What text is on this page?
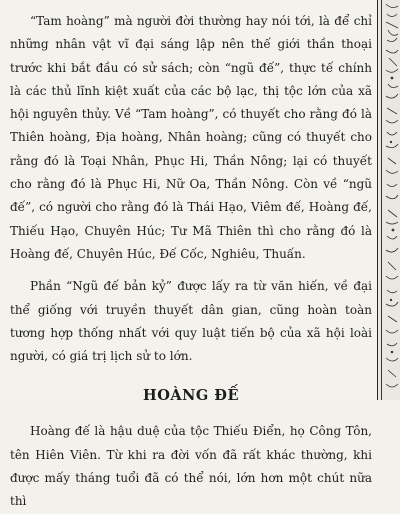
“Tam hoàng” mà người đời thường hay nói tới, là để chỉ những nhân vật vĩ đại sáng lập nên thế giới thần thoại trước khi bắt đầu có sử sách; còn “ngũ đế”, thực tế chính là các thủ lĩnh kiệt xuất của các bộ lạc, thị tộc lớn của xã hội nguyên thủy. Về “Tam hoàng”, có thuyết cho rằng đó là Thiên hoàng, Địa hoàng, Nhân hoàng; cũng có thuyết cho rằng đó là Toại Nhân, Phục Hi, Thần Nông; lại có thuyết cho rằng đó là Phục Hi, Nữ Oa, Thần Nông. Còn về “ngũ đế”, có người cho rằng đó là Thái Hạo, Viêm đế, Hoàng đế, Thiếu Hạo, Chuyên Húc; Tư Mã Thiên thì cho rằng đó là Hoàng đế, Chuyên Húc, Đế Cốc, Nghiêu, Thuấn.

Phần “Ngũ đế bản kỷ” được lấy ra từ văn hiến, về đại thể giống với truyền thuyết dân gian, cũng hoàn toàn tương hợp thống nhất với quy luật tiến bộ của xã hội loài người, có giá trị lịch sử to lớn.

HOÀNG ĐẾ

Hoàng đế là hậu duệ của tộc Thiếu Điển, họ Công Tôn, tên Hiên Viên. Từ khi ra đời vốn đã rất khác thường, khi được mấy tháng tuổi đã có thể nói, lớn hơn một chút nữa thì
